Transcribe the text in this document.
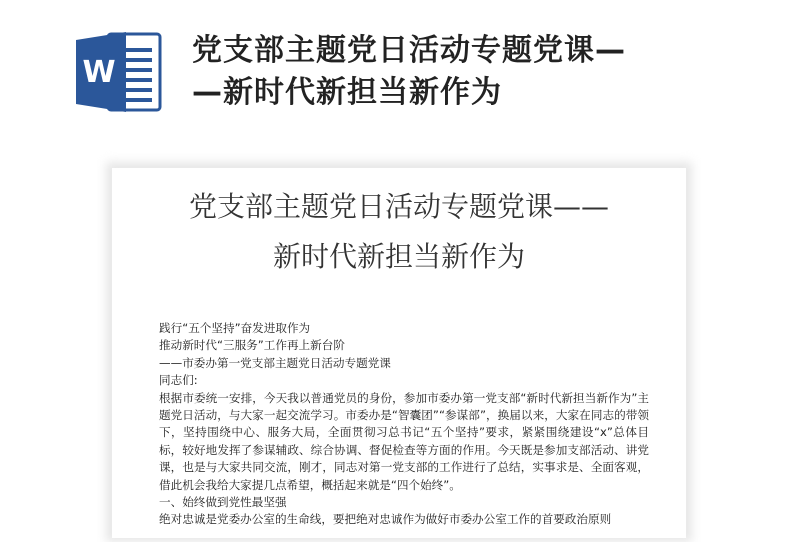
W
党支部主题党日活动专题党课—
—新时代新担当新作为
党支部主题党日活动专题党课——
新时代新担当新作为

践行“五个坚持”奋发进取作为

推动新时代“三服务”工作再上新台阶

——市委办第一党支部主题党日活动专题党课

同志们:

根据市委统一安排，今天我以普通党员的身份，参加市委办第一党支部“新时代新担当新作为”主题党日活动，与大家一起交流学习。市委办是“智囊团”“参谋部”，换届以来，大家在同志的带领下，坚持围绕中心、服务大局，全面贯彻习总书记“五个坚持”要求，紧紧围绕建设“x”总体目标，较好地发挥了参谋辅政、综合协调、督促检查等方面的作用。今天既是参加支部活动、讲党课，也是与大家共同交流，刚才，同志对第一党支部的工作进行了总结，实事求是、全面客观，借此机会我给大家提几点希望，概括起来就是“四个始终”。

一、始终做到党性最坚强

绝对忠诚是党委办公室的生命线，要把绝对忠诚作为做好市委办公室工作的首要政治原则
